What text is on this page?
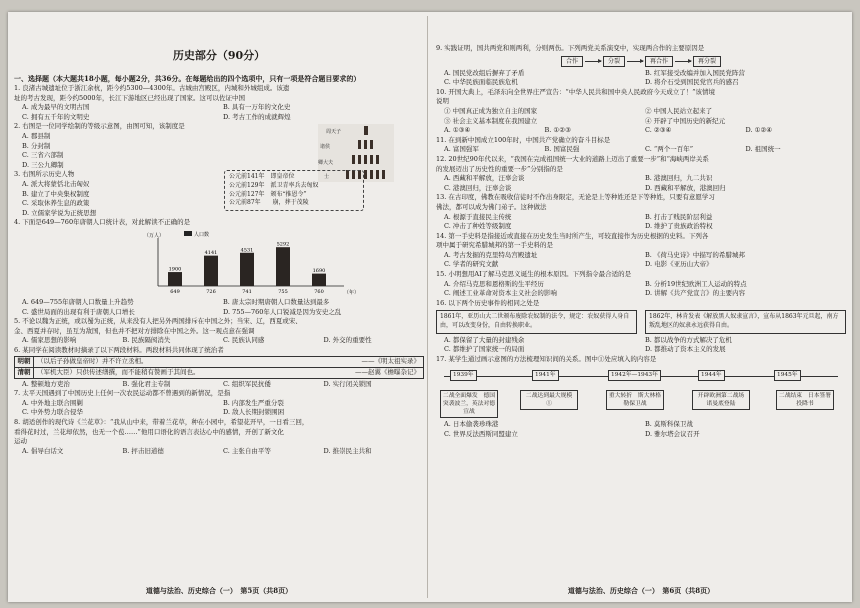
历史部分（90分）
一、选择题（本大题共18小题，每小题2分，共36分。在每题给出的四个选项中，只有一项是符合题目要求的）

1. 良渚古城遗址位于浙江余杭，距今约5300—4300年。古城由宫殿区，内城和外城组成。该遗

址的考古发现，距今约5000年，长江下游地区已经出现了国家。这可以佐证中国

A. 成为最早的文明古国	B. 具有一万年的文化史
C. 拥有五千年的文明史	D. 考古工作的成就辉煌

2. 右图是一位同学绘制的等级示意图，由图可知，该制度是

A. 郡县制
B. 分封制
C. 三省六部制
D. 三公九卿制
周天子
诸侯
卿大夫
士

3. 右图所示历史人物

A. 派大将蒙恬北击匈奴
B. 建立了中央集权制度
C. 采取休养生息的政策
D. 立儒家学说为正统思想
公元前141年　即皇帝位
公元前129年　派卫青率兵去匈奴
公元前127年　颁布“推恩令”
公元前87年　　崩，葬于茂陵

4. 下面是649—760年唐朝人口统计表，对此解读不正确的是

（万人）	人口数
（年）
1900
649
4141
726
4531
741
5292
755
1690
760
A. 649—755年唐朝人口数量上升趋势	B. 唐太宗时期唐朝人口数量达到最多
C. 盛世局面的出现有利于唐朝人口增长	D. 755—760年人口锐减是因为安史之乱

5. 不论以魏为正统，或以蜀为正统，从来没有人把另外两国排斥在中国之外；当宋、辽，西夏或宋、

金、西夏并存时，虽互为敌国，但也并不把对方排除在中国之外。这一观点意在强调

A. 儒家思想的影响	B. 民族隔阂消失	C. 民族认同感	D. 外交的重要性

6. 某同学在阅读教材时摘录了以下两段材料。两段材料共同体现了统治者

明朝	（以后子孙做皇帝时）并不许立丞相。	——《明太祖实录》
清朝	（军机大臣）只供传述缮撰，而不能稍有赞画于其间也。	——赵翼《檐曝杂记》
A. 整顿地方吏治	B. 强化君主专制	C. 组织军民抗倭	D. 实行闭关锁国

7. 太平天国遇到了中国历史上任何一次农民运动都不曾遇到的新情况，是指

A. 中外地主联合围剿	B. 内部发生严重分裂
C. 中外势力联合侵华	D. 敌人长期封锁围困

8. 胡适创作的现代诗《兰花草》：“我从山中来，带着兰花草，种在小园中，希望花开早，一日看三回，

看得花时过，兰花却依然，也无一个苞……”他用口语化的语言表达心中的感情，开创了新文化

运动

A. 倡导白话文	B. 抨击旧道德	C. 主张自由平等	D. 推崇民主共和
道德与法治、历史综合（一）　第5页（共8页）

9. 实践证明，国共两党和则两利，分则两伤。下列两党关系演变中，实现两合作的主要原因是

合作	分裂	再合作	再分裂
A. 国民党改组后摒弃了矛盾	B. 红军接受改编并加入国民党阵营
C. 中华民族面临民族危机	D. 将介石受到国民党官兵的感召

10. 开国大典上，毛泽东向全世界庄严宣告：“中华人民共和国中央人民政府今天成立了！”该情境

说明

① 中国真正成为独立自主的国家	② 中国人民站立起来了
③ 社会主义基本制度在我国建立	④ 开辟了中国历史的新纪元
A. ①③④	B. ①②③	C. ②③④	D. ①②④

11. 在到新中国成立100年时，中国共产党确立的奋斗目标是

A. 富国强军	B. 国富民强	C. “两个一百年”	D. 祖国统一

12. 20世纪90年代以来，“我国在完成祖国统一大业的道路上迈出了重要一步”和“海峡两岸关系

的发展迈出了历史性的重要一步”分别指的是

A. 西藏和平解放，汪辜会谈	B. 港澳回归，九二共识
C. 港澳回归，汪辜会谈	D. 西藏和平解放，港澳回归

13. 在古印度，佛教在吸收信徒时不作出身限定，无论是上等种姓还是下等种姓，只要有意愿学习

佛法，都可以成为佛门弟子。这种做法

A. 根源于直接民主传统	B. 打击了贱民阶层利益
C. 冲击了种姓等级制度	D. 维护了贵族政治特权

14. 第一手史料是指接近或直接在历史发生当时所产生，可较直接作为历史根据的史料。下列各

项中属于研究希腊城邦的第一手史料的是

A. 考古发掘的克里特岛宫殿遗址	B. 《荷马史诗》中描写的希腊城邦
C. 学者的研究文献	D. 电影《亚历山大帝》

15. 小明想用AI了解马克思义诞生的根本原因。下列指令最合适的是

A. 介绍马克思和恩格斯的生平经历	B. 分析19世纪欧洲工人运动的特点
C. 阐述工业革命对资本主义社会的影响	D. 讲解《共产党宣言》的主要内容

16. 以下两个历史事件的相同之处是

1861年，亚历山大二世颁布废除农奴制的法令，规定：农奴获得人身自由，可以改变身份，自由转换职业。
1862年，林肯发表《解放黑人奴隶宣言》，宣布从1863年元旦起，南方叛乱地区的奴隶永远获得自由。
A. 都保留了大量的封建残余	B. 都以战争的方式解决了危机
C. 都维护了国家统一的局面	D. 都推动了资本主义的发展

17. 某学生通过画示意图的方法梳理知识间的关系。图中①处应填入的内容是

1939年	1941年	1942年—1943年	1944年	1945年
二战全面爆发　德国突袭波兰，英法对德宣战
二战达到最大规模　①
重大转折　斯大林格勒保卫战
开辟欧洲第二战场　诺曼底登陆
二战结束　日本签署投降书
A. 日本偷袭珍珠港	B. 莫斯科保卫战
C. 世界反法西斯同盟建立	D. 雅尔塔会议召开
道德与法治、历史综合（一）　第6页（共8页）
